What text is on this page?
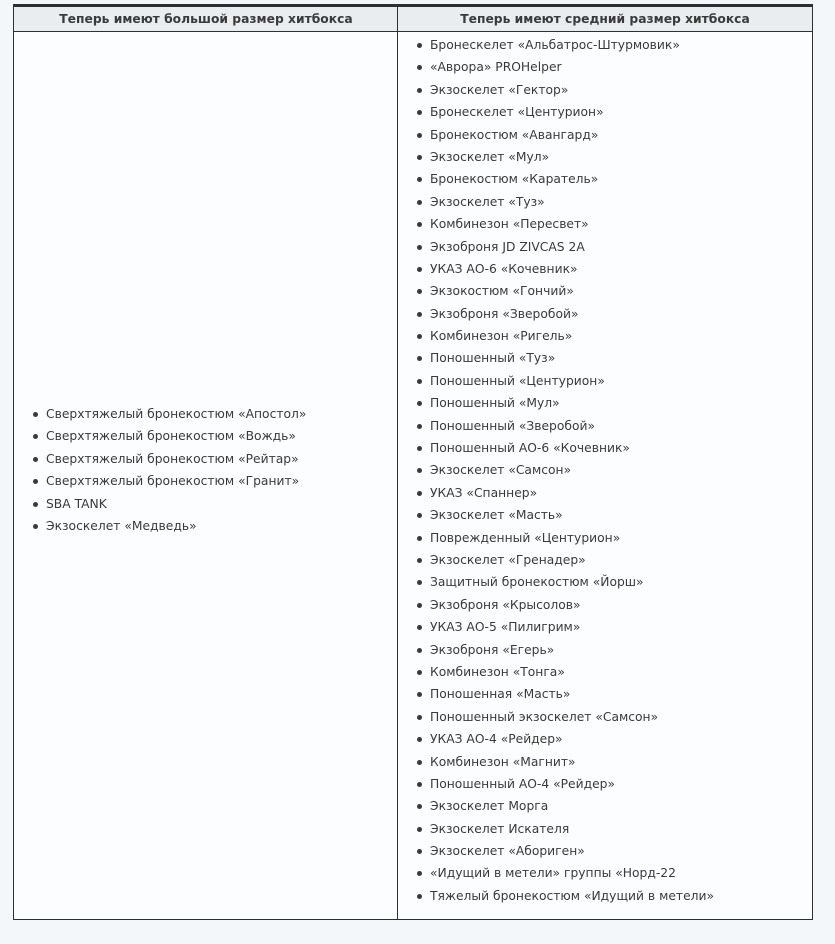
Теперь имеют большой размер хитбокса	Теперь имеют средний размер хитбокса
Сверхтяжелый бронекостюм «Апостол»
Сверхтяжелый бронекостюм «Вождь»
Сверхтяжелый бронекостюм «Рейтар»
Сверхтяжелый бронекостюм «Гранит»
SBA TANK
Экзоскелет «Медведь»
Бронескелет «Альбатрос-Штурмовик»
«Аврора» PROHelper
Экзоскелет «Гектор»
Бронескелет «Центурион»
Бронекостюм «Авангард»
Экзоскелет «Мул»
Бронекостюм «Каратель»
Экзоскелет «Туз»
Комбинезон «Пересвет»
Экзоброня JD ZIVCAS 2A
УКАЗ АО-6 «Кочевник»
Экзокостюм «Гончий»
Экзоброня «Зверобой»
Комбинезон «Ригель»
Поношенный «Туз»
Поношенный «Центурион»
Поношенный «Мул»
Поношенный «Зверобой»
Поношенный АО-6 «Кочевник»
Экзоскелет «Самсон»
УКАЗ «Спаннер»
Экзоскелет «Масть»
Поврежденный «Центурион»
Экзоскелет «Гренадер»
Защитный бронекостюм «Йорш»
Экзоброня «Крысолов»
УКАЗ АО-5 «Пилигрим»
Экзоброня «Егерь»
Комбинезон «Тонга»
Поношенная «Масть»
Поношенный экзоскелет «Самсон»
УКАЗ АО-4 «Рейдер»
Комбинезон «Магнит»
Поношенный АО-4 «Рейдер»
Экзоскелет Морга
Экзоскелет Искателя
Экзоскелет «Абориген»
«Идущий в метели» группы «Норд-22
Тяжелый бронекостюм «Идущий в метели»
